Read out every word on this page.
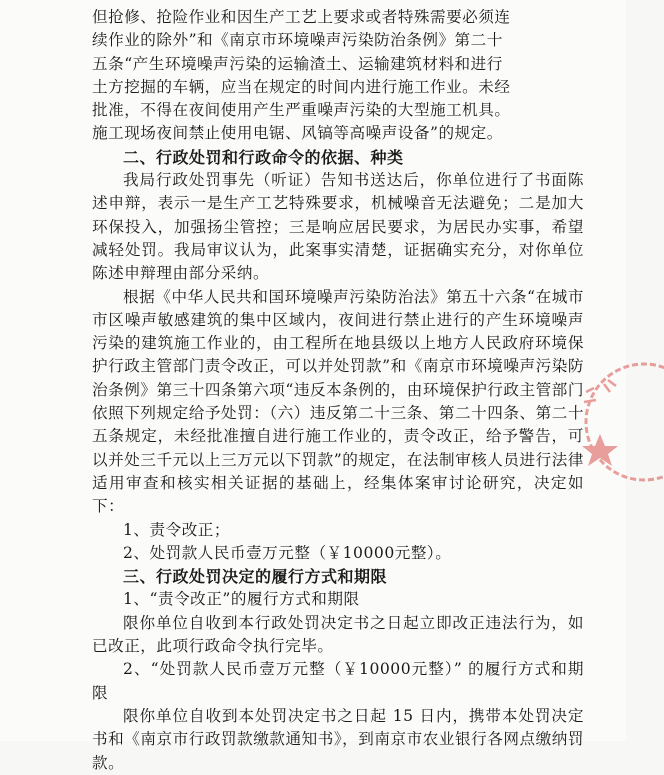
但抢修、抢险作业和因生产工艺上要求或者特殊需要必须连

续作业的除外”和《南京市环境噪声污染防治条例》第二十

五条“产生环境噪声污染的运输渣土、运输建筑材料和进行

土方挖掘的车辆，应当在规定的时间内进行施工作业。未经

批准，不得在夜间使用产生严重噪声污染的大型施工机具。

施工现场夜间禁止使用电锯、风镐等高噪声设备”的规定。

二、行政处罚和行政命令的依据、种类

我局行政处罚事先（听证）告知书送达后，你单位进行了书面陈述申辩，表示一是生产工艺特殊要求，机械噪音无法避免；二是加大环保投入，加强扬尘管控；三是响应居民要求，为居民办实事，希望减轻处罚。我局审议认为，此案事实清楚，证据确实充分，对你单位陈述申辩理由部分采纳。

根据《中华人民共和国环境噪声污染防治法》第五十六条“在城市市区噪声敏感建筑的集中区域内，夜间进行禁止进行的产生环境噪声污染的建筑施工作业的，由工程所在地县级以上地方人民政府环境保护行政主管部门责令改正，可以并处罚款”和《南京市环境噪声污染防治条例》第三十四条第六项“违反本条例的，由环境保护行政主管部门依照下列规定给予处罚：（六）违反第二十三条、第二十四条、第二十五条规定，未经批准擅自进行施工作业的，责令改正，给予警告，可以并处三千元以上三万元以下罚款”的规定，在法制审核人员进行法律适用审查和核实相关证据的基础上，经集体案审讨论研究，决定如下：

1、责令改正；

2、处罚款人民币壹万元整（￥10000元整）。

三、行政处罚决定的履行方式和期限

1、“责令改正”的履行方式和期限

限你单位自收到本行政处罚决定书之日起立即改正违法行为，如已改正，此项行政命令执行完毕。

2、“处罚款人民币壹万元整（￥10000元整）” 的履行方式和期限

限你单位自收到本处罚决定书之日起 15 日内，携带本处罚决定书和《南京市行政罚款缴款通知书》，到南京市农业银行各网点缴纳罚款。
